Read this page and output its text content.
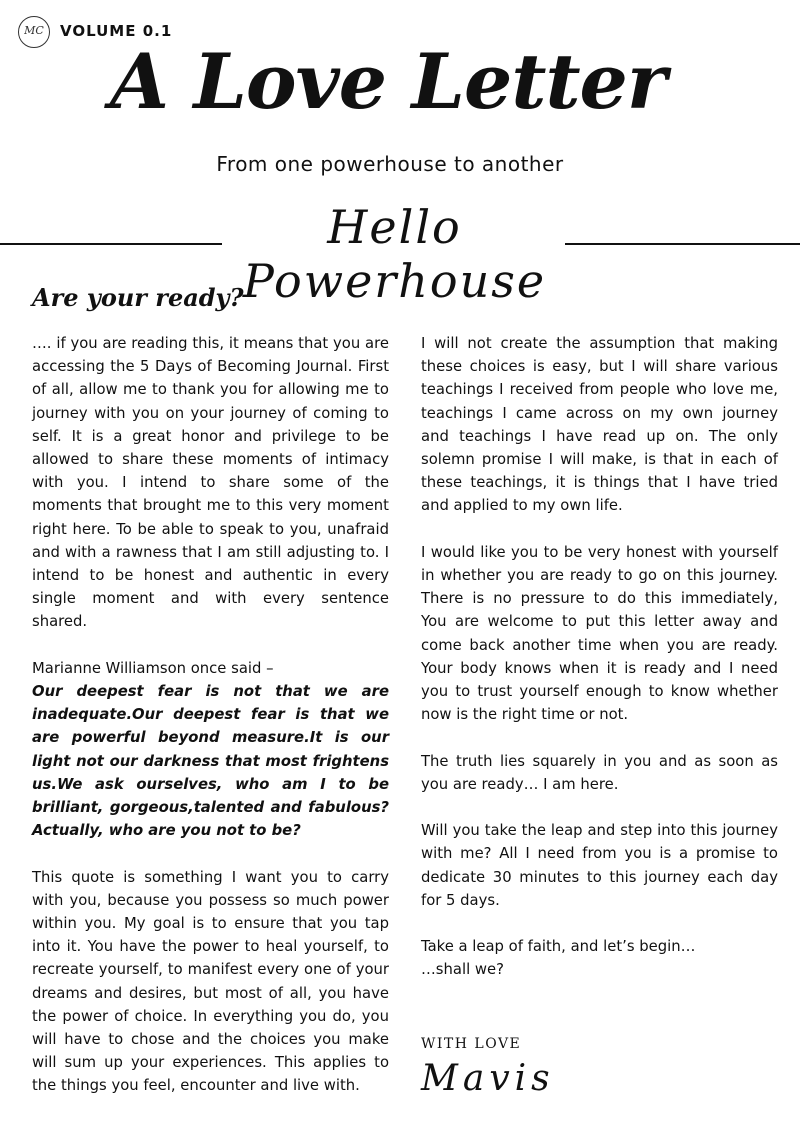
MC	VOLUME 0.1
A Love Letter
From one powerhouse to another
Hello Powerhouse
Are your ready?

…. if you are reading this, it means that you are accessing the 5 Days of Becoming Journal. First of all, allow me to thank you for allowing me to journey with you on your journey of coming to self. It is a great honor and privilege to be allowed to share these moments of intimacy with you. I intend to share some of the moments that brought me to this very moment right here. To be able to speak to you, unafraid and with a rawness that I am still adjusting to. I intend to be honest and authentic in every single moment and with every sentence shared.

Marianne Williamson once said –

Our deepest fear is not that we are inadequate.Our deepest fear is that we are powerful beyond measure.It is our light not our darkness that most frightens us.We ask ourselves, who am I to be brilliant, gorgeous,talented and fabulous? Actually, who are you not to be?

This quote is something I want you to carry with you, because you possess so much power within you. My goal is to ensure that you tap into it. You have the power to heal yourself, to recreate yourself, to manifest every one of your dreams and desires, but most of all, you have the power of choice. In everything you do, you will have to chose and the choices you make will sum up your experiences. This applies to the things you feel, encounter and live with.

I will not create the assumption that making these choices is easy, but I will share various teachings I received from people who love me, teachings I came across on my own journey and teachings I have read up on. The only solemn promise I will make, is that in each of these teachings, it is things that I have tried and applied to my own life.

I would like you to be very honest with yourself in whether you are ready to go on this journey. There is no pressure to do this immediately, You are welcome to put this letter away and come back another time when you are ready. Your body knows when it is ready and I need you to trust yourself enough to know whether now is the right time or not.

The truth lies squarely in you and as soon as you are ready… I am here.

Will you take the leap and step into this journey with me? All I need from you is a promise to dedicate 30 minutes to this journey each day for 5 days.

Take a leap of faith, and let’s begin…

…shall we?

WITH LOVE
Mavis
